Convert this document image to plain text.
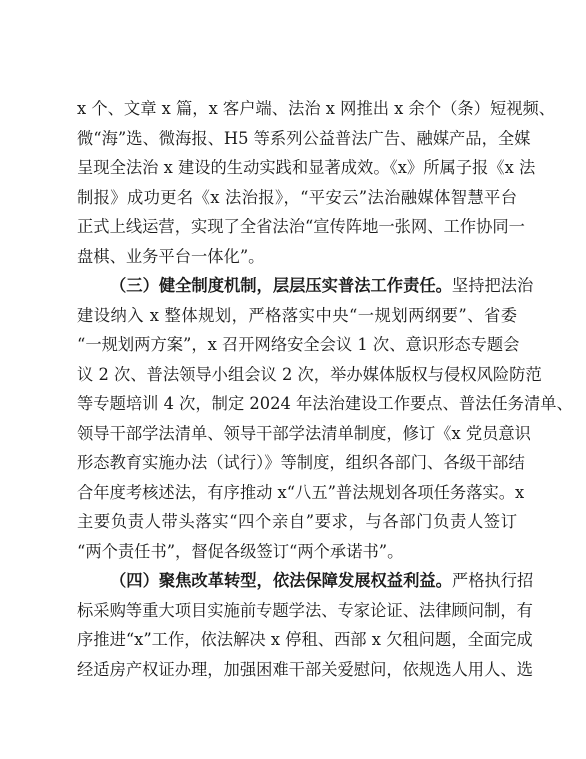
x 个、文章 x 篇，x 客户端、法治 x 网推出 x 余个（条）短视频、
微“海”选、微海报、H5 等系列公益普法广告、融媒产品，全媒
呈现全法治 x 建设的生动实践和显著成效。《x》所属子报《x 法
制报》成功更名《x 法治报》，“平安云”法治融媒体智慧平台
正式上线运营，实现了全省法治“宣传阵地一张网、工作协同一
盘棋、业务平台一体化”。
（三）健全制度机制，层层压实普法工作责任。坚持把法治
建设纳入 x 整体规划，严格落实中央“一规划两纲要”、省委
“一规划两方案”，x 召开网络安全会议 1 次、意识形态专题会
议 2 次、普法领导小组会议 2 次，举办媒体版权与侵权风险防范
等专题培训 4 次，制定 2024 年法治建设工作要点、普法任务清单、
领导干部学法清单、领导干部学法清单制度，修订《x 党员意识
形态教育实施办法（试行）》等制度，组织各部门、各级干部结
合年度考核述法，有序推动 x“八五”普法规划各项任务落实。x
主要负责人带头落实“四个亲自”要求，与各部门负责人签订
“两个责任书”，督促各级签订“两个承诺书”。
（四）聚焦改革转型，依法保障发展权益利益。严格执行招
标采购等重大项目实施前专题学法、专家论证、法律顾问制，有
序推进“x”工作，依法解决 x 停租、西部 x 欠租问题，全面完成
经适房产权证办理，加强困难干部关爱慰问，依规选人用人、选
